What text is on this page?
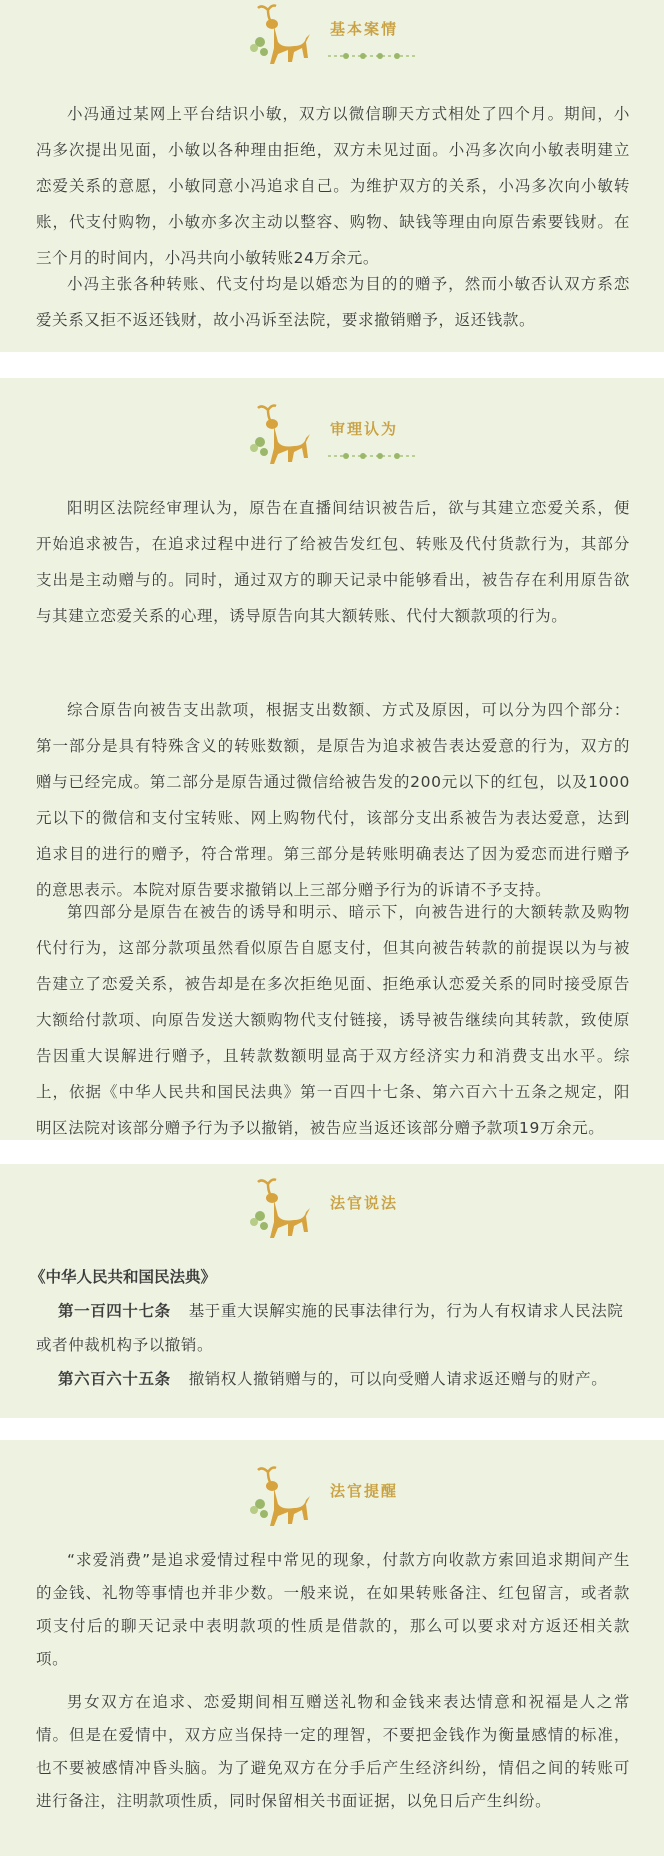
基本案情

小冯通过某网上平台结识小敏，双方以微信聊天方式相处了四个月。期间，小冯多次提出见面，小敏以各种理由拒绝，双方未见过面。小冯多次向小敏表明建立恋爱关系的意愿，小敏同意小冯追求自己。为维护双方的关系，小冯多次向小敏转账，代支付购物，小敏亦多次主动以整容、购物、缺钱等理由向原告索要钱财。在三个月的时间内，小冯共向小敏转账24万余元。

小冯主张各种转账、代支付均是以婚恋为目的的赠予，然而小敏否认双方系恋爱关系又拒不返还钱财，故小冯诉至法院，要求撤销赠予，返还钱款。

审理认为

阳明区法院经审理认为，原告在直播间结识被告后，欲与其建立恋爱关系，便开始追求被告，在追求过程中进行了给被告发红包、转账及代付货款行为，其部分支出是主动赠与的。同时，通过双方的聊天记录中能够看出，被告存在利用原告欲与其建立恋爱关系的心理，诱导原告向其大额转账、代付大额款项的行为。

综合原告向被告支出款项，根据支出数额、方式及原因，可以分为四个部分：第一部分是具有特殊含义的转账数额，是原告为追求被告表达爱意的行为，双方的赠与已经完成。第二部分是原告通过微信给被告发的200元以下的红包，以及1000元以下的微信和支付宝转账、网上购物代付，该部分支出系被告为表达爱意，达到追求目的进行的赠予，符合常理。第三部分是转账明确表达了因为爱恋而进行赠予的意思表示。本院对原告要求撤销以上三部分赠予行为的诉请不予支持。

第四部分是原告在被告的诱导和明示、暗示下，向被告进行的大额转款及购物代付行为，这部分款项虽然看似原告自愿支付，但其向被告转款的前提误以为与被告建立了恋爱关系，被告却是在多次拒绝见面、拒绝承认恋爱关系的同时接受原告大额给付款项、向原告发送大额购物代支付链接，诱导被告继续向其转款，致使原告因重大误解进行赠予，且转款数额明显高于双方经济实力和消费支出水平。综上，依据《中华人民共和国民法典》第一百四十七条、第六百六十五条之规定，阳明区法院对该部分赠予行为予以撤销，被告应当返还该部分赠予款项19万余元。

法官说法
《中华人民共和国民法典》

第一百四十七条 基于重大误解实施的民事法律行为，行为人有权请求人民法院或者仲裁机构予以撤销。

第六百六十五条 撤销权人撤销赠与的，可以向受赠人请求返还赠与的财产。

法官提醒

“求爱消费”是追求爱情过程中常见的现象，付款方向收款方索回追求期间产生的金钱、礼物等事情也并非少数。一般来说，在如果转账备注、红包留言，或者款项支付后的聊天记录中表明款项的性质是借款的，那么可以要求对方返还相关款项。

男女双方在追求、恋爱期间相互赠送礼物和金钱来表达情意和祝福是人之常情。但是在爱情中，双方应当保持一定的理智，不要把金钱作为衡量感情的标准，也不要被感情冲昏头脑。为了避免双方在分手后产生经济纠纷，情侣之间的转账可进行备注，注明款项性质，同时保留相关书面证据，以免日后产生纠纷。
